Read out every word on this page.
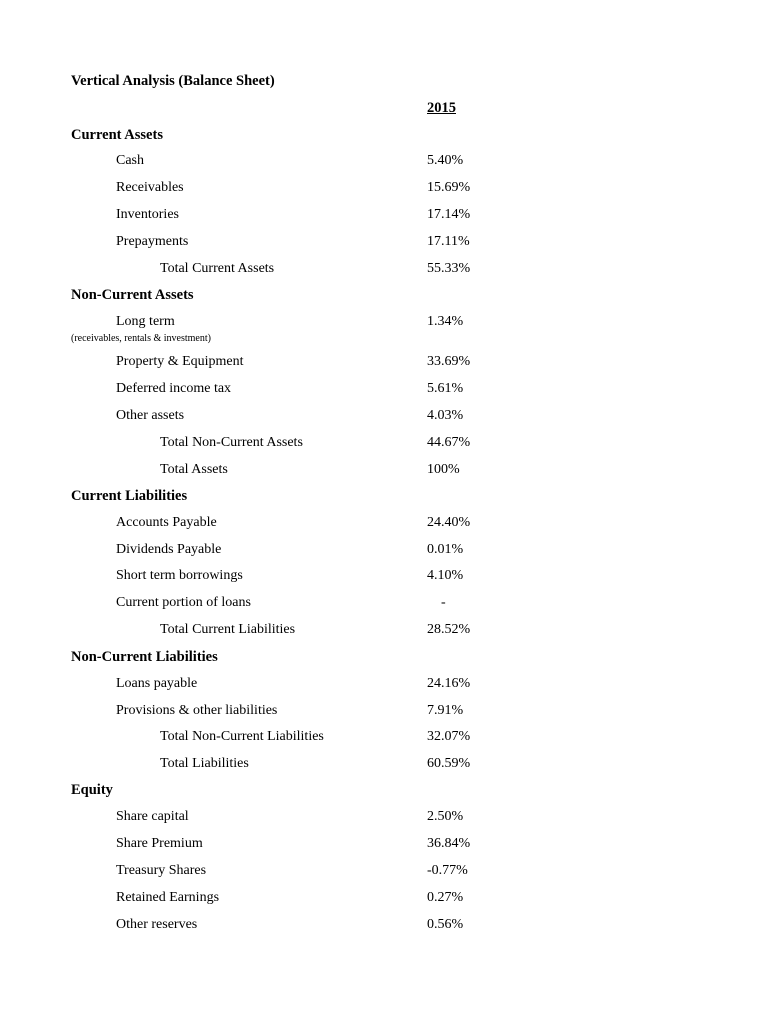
Vertical Analysis (Balance Sheet)
2015
Current Assets
Cash	5.40%
Receivables	15.69%
Inventories	17.14%
Prepayments	17.11%
Total Current Assets	55.33%
Non-Current Assets
Long term	1.34%
(receivables, rentals & investment)
Property & Equipment	33.69%
Deferred income tax	5.61%
Other assets	4.03%
Total Non-Current Assets	44.67%
Total Assets	100%
Current Liabilities
Accounts Payable	24.40%
Dividends Payable	0.01%
Short term borrowings	4.10%
Current portion of loans	-
Total Current Liabilities	28.52%
Non-Current Liabilities
Loans payable	24.16%
Provisions & other liabilities	7.91%
Total Non-Current Liabilities	32.07%
Total Liabilities	60.59%
Equity
Share capital	2.50%
Share Premium	36.84%
Treasury Shares	-0.77%
Retained Earnings	0.27%
Other reserves	0.56%
